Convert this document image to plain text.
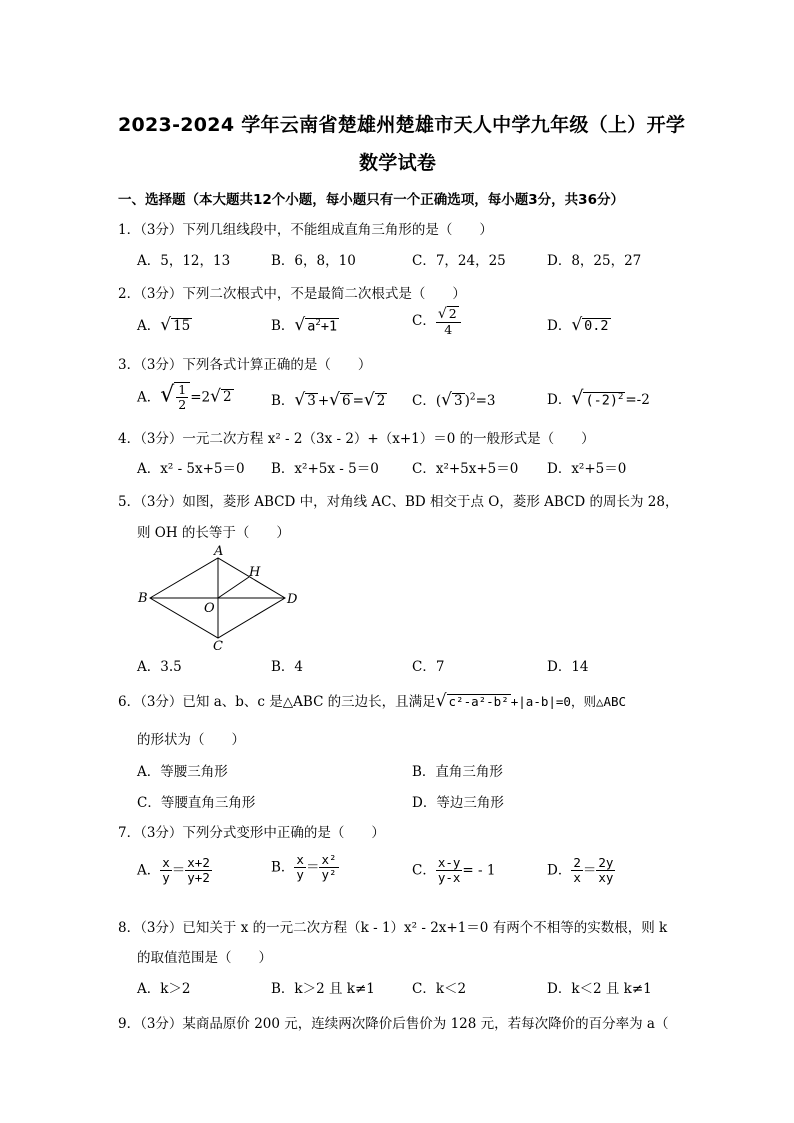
2023-2024 学年云南省楚雄州楚雄市天人中学九年级（上）开学
数学试卷
一、选择题（本大题共12个小题，每小题只有一个正确选项，每小题3分，共36分）
1．（3分）下列几组线段中，不能组成直角三角形的是（　　）
A．5，12，13	B．6，8，10	C．7，24，25	D．8，25，27
2．（3分）下列二次根式中，不是最简二次根式是（　　）
A．√ 15	B．√ $a^2+1$	C． $\frac{√ 2}{4}$	D．√ 0.2
3．（3分）下列各式计算正确的是（　　）
A．√ $\frac{1}{2} =2√$ 2	B．√ 3 +√ 6 =√ 2 C．(√ 3 )$^2$=3	D．√ $(-2)^2 =-2$
4．（3分）一元二次方程 x² - 2（3x - 2）+（x+1）＝0 的一般形式是（　　）
A．x² - 5x+5＝0 B．x²+5x - 5＝0 C．x²+5x+5＝0 D．x²+5＝0
5．（3分）如图，菱形 ABCD 中，对角线 AC、BD 相交于点 O，菱形 ABCD 的周长为 28，
则 OH 的长等于（　　）
A
B
C
D
H
O
A．3.5	B．4	C．7	D．14
6．（3分）已知 a、b、c 是△ABC 的三边长，且满足√ c²-a²-b² +|a-b|=0，则△ABC
的形状为（　　）
A．等腰三角形	B．直角三角形
C．等腰直角三角形	D．等边三角形
7．（3分）下列分式变形中正确的是（　　）
A． $\frac{x}{y} = \frac{x+2}{y+2}$	B． $\frac{x}{y} = \frac{\text{x²}}{\text{y²}}$	C． $\frac{x-y}{y-x}$ = - 1	D． $\frac{2}{x} = \frac{2y}{xy}$
8．（3分）已知关于 x 的一元二次方程（k - 1）x² - 2x+1＝0 有两个不相等的实数根，则 k
的取值范围是（　　）
A．k＞2	B．k＞2 且 k≠1	C．k＜2	D．k＜2 且 k≠1
9．（3分）某商品原价 200 元，连续两次降价后售价为 128 元，若每次降价的百分率为 a（
